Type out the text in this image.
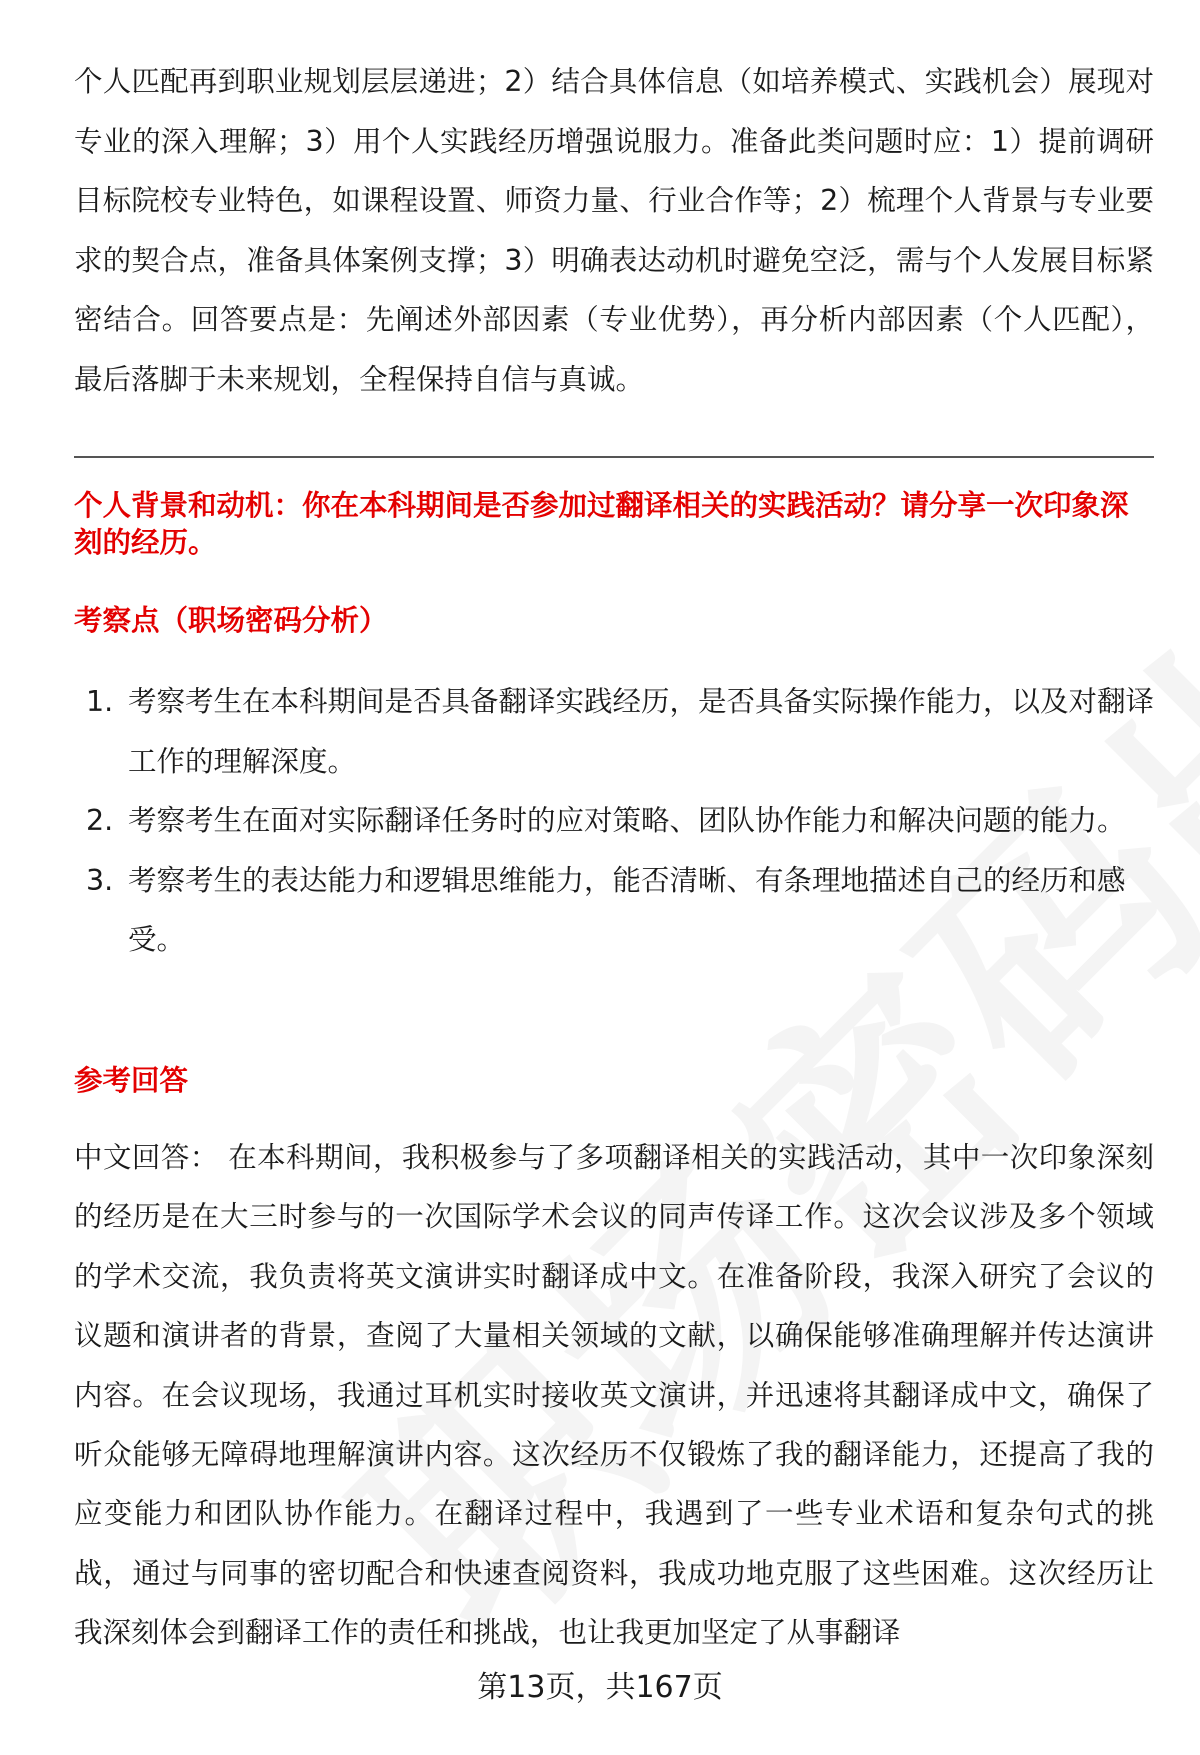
个人匹配再到职业规划层层递进；2）结合具体信息（如培养模式、实践机会）展现对专业的深入理解；3）用个人实践经历增强说服力。准备此类问题时应：1）提前调研目标院校专业特色，如课程设置、师资力量、行业合作等；2）梳理个人背景与专业要求的契合点，准备具体案例支撑；3）明确表达动机时避免空泛，需与个人发展目标紧密结合。回答要点是：先阐述外部因素（专业优势），再分析内部因素（个人匹配），最后落脚于未来规划，全程保持自信与真诚。

个人背景和动机：你在本科期间是否参加过翻译相关的实践活动？请分享一次印象深刻的经历。

考察点（职场密码分析）

1. 考察考生在本科期间是否具备翻译实践经历，是否具备实际操作能力，以及对翻译工作的理解深度。
2. 考察考生在面对实际翻译任务时的应对策略、团队协作能力和解决问题的能力。
3. 考察考生的表达能力和逻辑思维能力，能否清晰、有条理地描述自己的经历和感受。

参考回答

中文回答： 在本科期间，我积极参与了多项翻译相关的实践活动，其中一次印象深刻的经历是在大三时参与的一次国际学术会议的同声传译工作。这次会议涉及多个领域的学术交流，我负责将英文演讲实时翻译成中文。在准备阶段，我深入研究了会议的议题和演讲者的背景，查阅了大量相关领域的文献，以确保能够准确理解并传达演讲内容。在会议现场，我通过耳机实时接收英文演讲，并迅速将其翻译成中文，确保了听众能够无障碍地理解演讲内容。这次经历不仅锻炼了我的翻译能力，还提高了我的应变能力和团队协作能力。在翻译过程中，我遇到了一些专业术语和复杂句式的挑战，通过与同事的密切配合和快速查阅资料，我成功地克服了这些困难。这次经历让我深刻体会到翻译工作的责任和挑战，也让我更加坚定了从事翻译

第13页，共167页
